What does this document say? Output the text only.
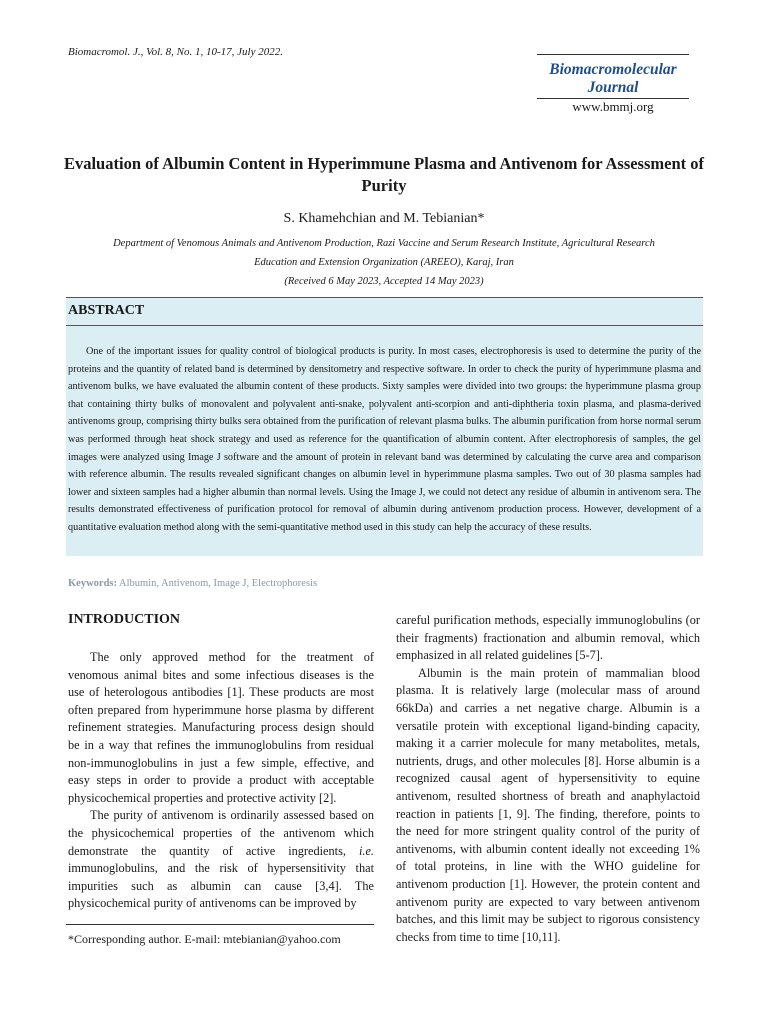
Biomacromol. J., Vol. 8, No. 1, 10-17, July 2022.
Biomacromolecular
Journal
www.bmmj.org
Evaluation of Albumin Content in Hyperimmune Plasma and Antivenom for Assessment of Purity
S. Khamehchian and M. Tebianian*
Department of Venomous Animals and Antivenom Production, Razi Vaccine and Serum Research Institute, Agricultural Research
Education and Extension Organization (AREEO), Karaj, Iran
(Received 6 May 2023, Accepted 14 May 2023)
ABSTRACT
One of the important issues for quality control of biological products is purity. In most cases, electrophoresis is used to determine the purity of the proteins and the quantity of related band is determined by densitometry and respective software. In order to check the purity of hyperimmune plasma and antivenom bulks, we have evaluated the albumin content of these products. Sixty samples were divided into two groups: the hyperimmune plasma group that containing thirty bulks of monovalent and polyvalent anti-snake, polyvalent anti-scorpion and anti-diphtheria toxin plasma, and plasma-derived antivenoms group, comprising thirty bulks sera obtained from the purification of relevant plasma bulks. The albumin purification from horse normal serum was performed through heat shock strategy and used as reference for the quantification of albumin content. After electrophoresis of samples, the gel images were analyzed using Image J software and the amount of protein in relevant band was determined by calculating the curve area and comparison with reference albumin. The results revealed significant changes on albumin level in hyperimmune plasma samples. Two out of 30 plasma samples had lower and sixteen samples had a higher albumin than normal levels. Using the Image J, we could not detect any residue of albumin in antivenom sera. The results demonstrated effectiveness of purification protocol for removal of albumin during antivenom production process. However, development of a quantitative evaluation method along with the semi-quantitative method used in this study can help the accuracy of these results.
Keywords: Albumin, Antivenom, Image J, Electrophoresis
INTRODUCTION

The only approved method for the treatment of venomous animal bites and some infectious diseases is the use of heterologous antibodies [1]. These products are most often prepared from hyperimmune horse plasma by different refinement strategies. Manufacturing process design should be in a way that refines the immunoglobulins from residual non-immunoglobulins in just a few simple, effective, and easy steps in order to provide a product with acceptable physicochemical properties and protective activity [2].

The purity of antivenom is ordinarily assessed based on the physicochemical properties of the antivenom which demonstrate the quantity of active ingredients, i.e. immunoglobulins, and the risk of hypersensitivity that impurities such as albumin can cause [3,4]. The physicochemical purity of antivenoms can be improved by

careful purification methods, especially immunoglobulins (or their fragments) fractionation and albumin removal, which emphasized in all related guidelines [5-7].

Albumin is the main protein of mammalian blood plasma. It is relatively large (molecular mass of around 66kDa) and carries a net negative charge. Albumin is a versatile protein with exceptional ligand-binding capacity, making it a carrier molecule for many metabolites, metals, nutrients, drugs, and other molecules [8]. Horse albumin is a recognized causal agent of hypersensitivity to equine antivenom, resulted shortness of breath and anaphylactoid reaction in patients [1, 9]. The finding, therefore, points to the need for more stringent quality control of the purity of antivenoms, with albumin content ideally not exceeding 1% of total proteins, in line with the WHO guideline for antivenom production [1]. However, the protein content and antivenom purity are expected to vary between antivenom batches, and this limit may be subject to rigorous consistency checks from time to time [10,11].

*Corresponding author. E-mail: mtebianian@yahoo.com
